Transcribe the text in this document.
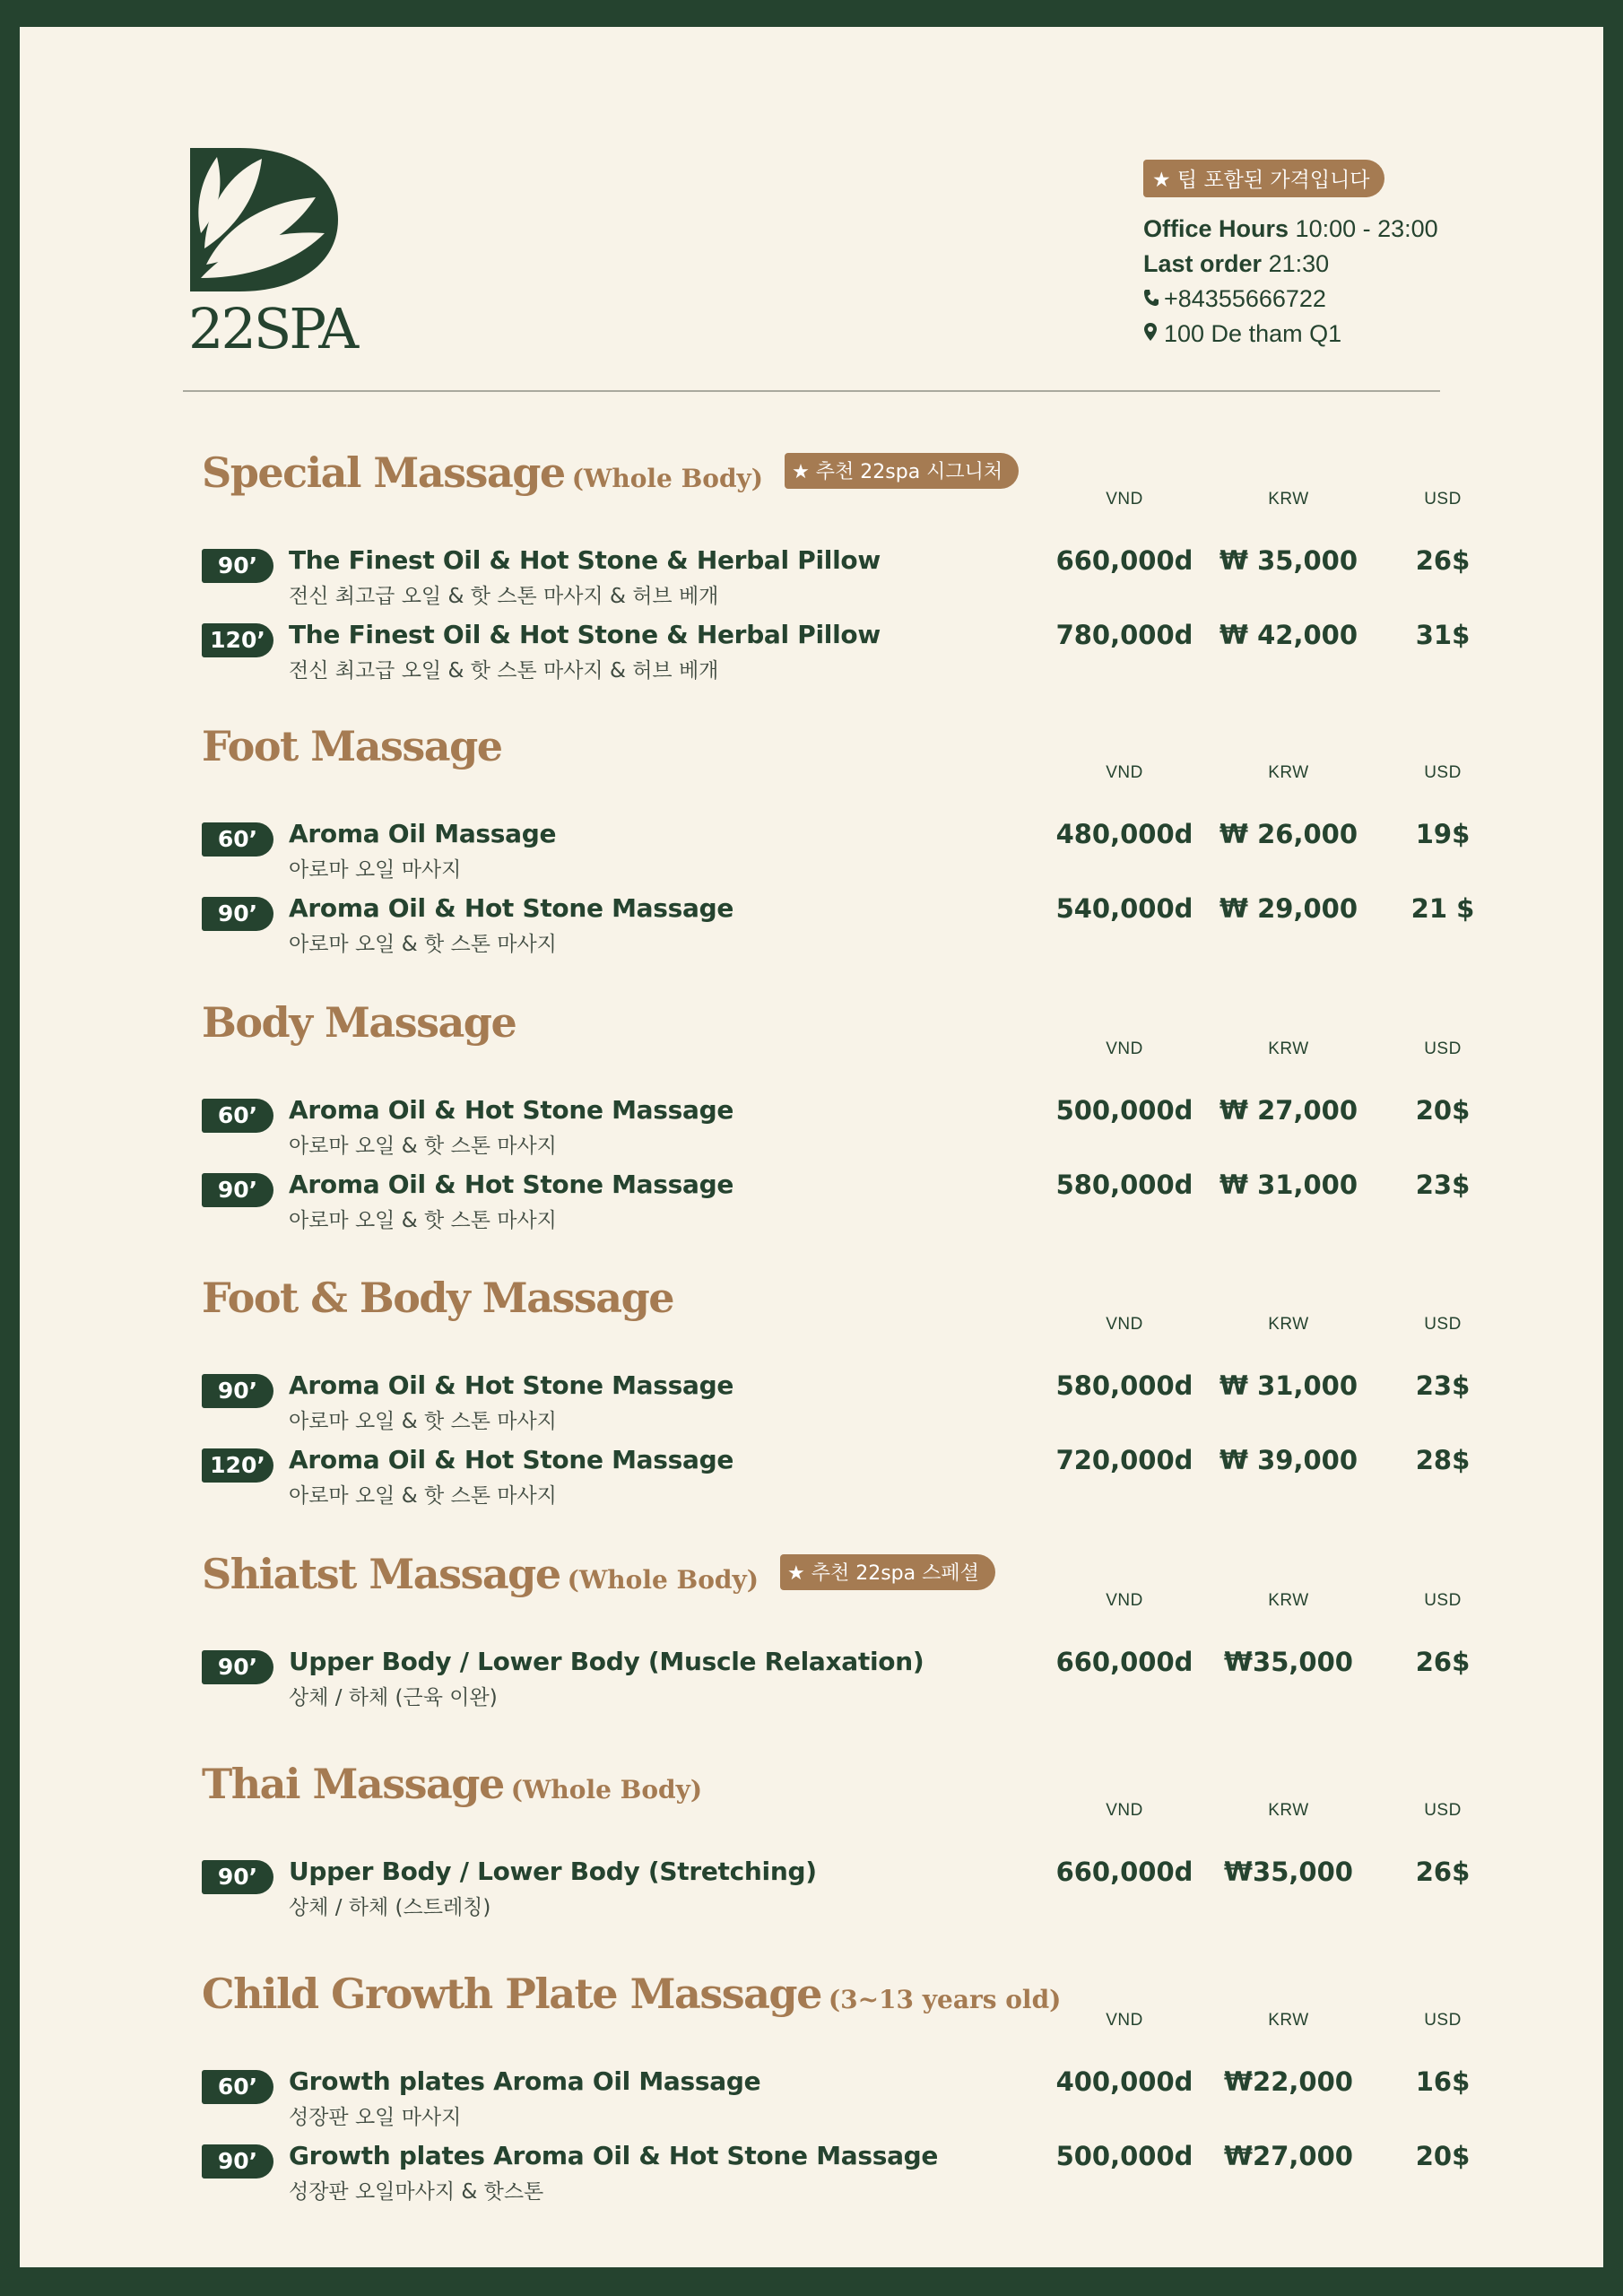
22SPA
★ 팁 포함된 가격입니다
Office Hours 10:00 - 23:00
Last order 21:30
+84355666722
100 De tham Q1
Special Massage (Whole Body) ★ 추천 22spa 시그니처
VND	KRW	USD
90’	The Finest Oil & Hot Stone & Herbal Pillow
전신 최고급 오일 & 핫 스톤 마사지 & 허브 베개
660,000d	₩ 35,000	26$
120’ The Finest Oil & Hot Stone & Herbal Pillow
전신 최고급 오일 & 핫 스톤 마사지 & 허브 베개
780,000d	₩ 42,000	31$
Foot Massage
VND	KRW	USD
60’	Aroma Oil Massage
아로마 오일 마사지
480,000d	₩ 26,000	19$
90’	Aroma Oil & Hot Stone Massage
아로마 오일 & 핫 스톤 마사지
540,000d	₩ 29,000	21 $
Body Massage
VND	KRW	USD
60’	Aroma Oil & Hot Stone Massage
아로마 오일 & 핫 스톤 마사지
500,000d	₩ 27,000	20$
90’	Aroma Oil & Hot Stone Massage
아로마 오일 & 핫 스톤 마사지
580,000d	₩ 31,000	23$
Foot & Body Massage
VND	KRW	USD
90’	Aroma Oil & Hot Stone Massage
아로마 오일 & 핫 스톤 마사지
580,000d	₩ 31,000	23$
120’ Aroma Oil & Hot Stone Massage
아로마 오일 & 핫 스톤 마사지
720,000d	₩ 39,000	28$
Shiatst Massage (Whole Body) ★ 추천 22spa 스페셜
VND	KRW	USD
90’	Upper Body / Lower Body (Muscle Relaxation)
상체 / 하체 (근육 이완)
660,000d	₩35,000	26$
Thai Massage (Whole Body)
VND	KRW	USD
90’	Upper Body / Lower Body (Stretching)
상체 / 하체 (스트레칭)
660,000d	₩35,000	26$
Child Growth Plate Massage (3~13 years old)
VND	KRW	USD
60’	Growth plates Aroma Oil Massage
성장판 오일 마사지
400,000d	₩22,000	16$
90’	Growth plates Aroma Oil & Hot Stone Massage
성장판 오일마사지 & 핫스톤
500,000d	₩27,000	20$
